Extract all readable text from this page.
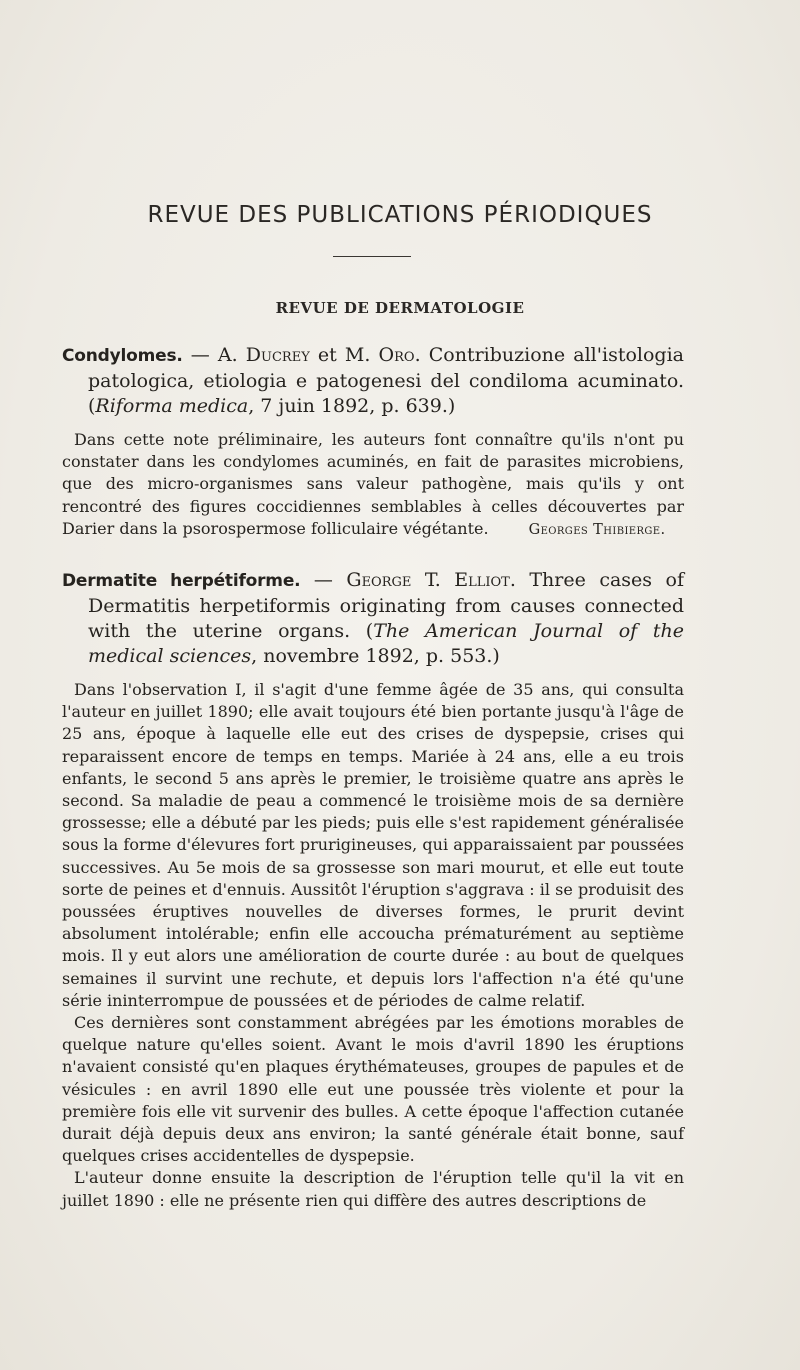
REVUE DES PUBLICATIONS PÉRIODIQUES
REVUE DE DERMATOLOGIE

Condylomes. — A. Ducrey et M. Oro. Contribuzione all'istologia patologica, etiologia e patogenesi del condiloma acuminato. (Riforma medica, 7 juin 1892, p. 639.)

Dans cette note préliminaire, les auteurs font connaître qu'ils n'ont pu constater dans les condylomes acuminés, en fait de parasites microbiens, que des micro-organismes sans valeur pathogène, mais qu'ils y ont rencontré des figures coccidiennes semblables à celles découvertes par Darier dans la psorospermose folliculaire végétante.	Georges Thibierge.

Dermatite herpétiforme. — George T. Elliot. Three cases of Dermatitis herpetiformis originating from causes connected with the uterine organs. (The American Journal of the medical sciences, novembre 1892, p. 553.)

Dans l'observation I, il s'agit d'une femme âgée de 35 ans, qui consulta l'auteur en juillet 1890; elle avait toujours été bien portante jusqu'à l'âge de 25 ans, époque à laquelle elle eut des crises de dyspepsie, crises qui reparaissent encore de temps en temps. Mariée à 24 ans, elle a eu trois enfants, le second 5 ans après le premier, le troisième quatre ans après le second. Sa maladie de peau a commencé le troisième mois de sa dernière grossesse; elle a débuté par les pieds; puis elle s'est rapidement généralisée sous la forme d'élevures fort prurigineuses, qui apparaissaient par poussées successives. Au 5e mois de sa grossesse son mari mourut, et elle eut toute sorte de peines et d'ennuis. Aussitôt l'éruption s'aggrava : il se produisit des poussées éruptives nouvelles de diverses formes, le prurit devint absolument intolérable; enfin elle accoucha prématurément au septième mois. Il y eut alors une amélioration de courte durée : au bout de quelques semaines il survint une rechute, et depuis lors l'affection n'a été qu'une série ininterrompue de poussées et de périodes de calme relatif.

Ces dernières sont constamment abrégées par les émotions morables de quelque nature qu'elles soient. Avant le mois d'avril 1890 les éruptions n'avaient consisté qu'en plaques érythémateuses, groupes de papules et de vésicules : en avril 1890 elle eut une poussée très violente et pour la première fois elle vit survenir des bulles. A cette époque l'affection cutanée durait déjà depuis deux ans environ; la santé générale était bonne, sauf quelques crises accidentelles de dyspepsie.

L'auteur donne ensuite la description de l'éruption telle qu'il la vit en juillet 1890 : elle ne présente rien qui diffère des autres descriptions de
